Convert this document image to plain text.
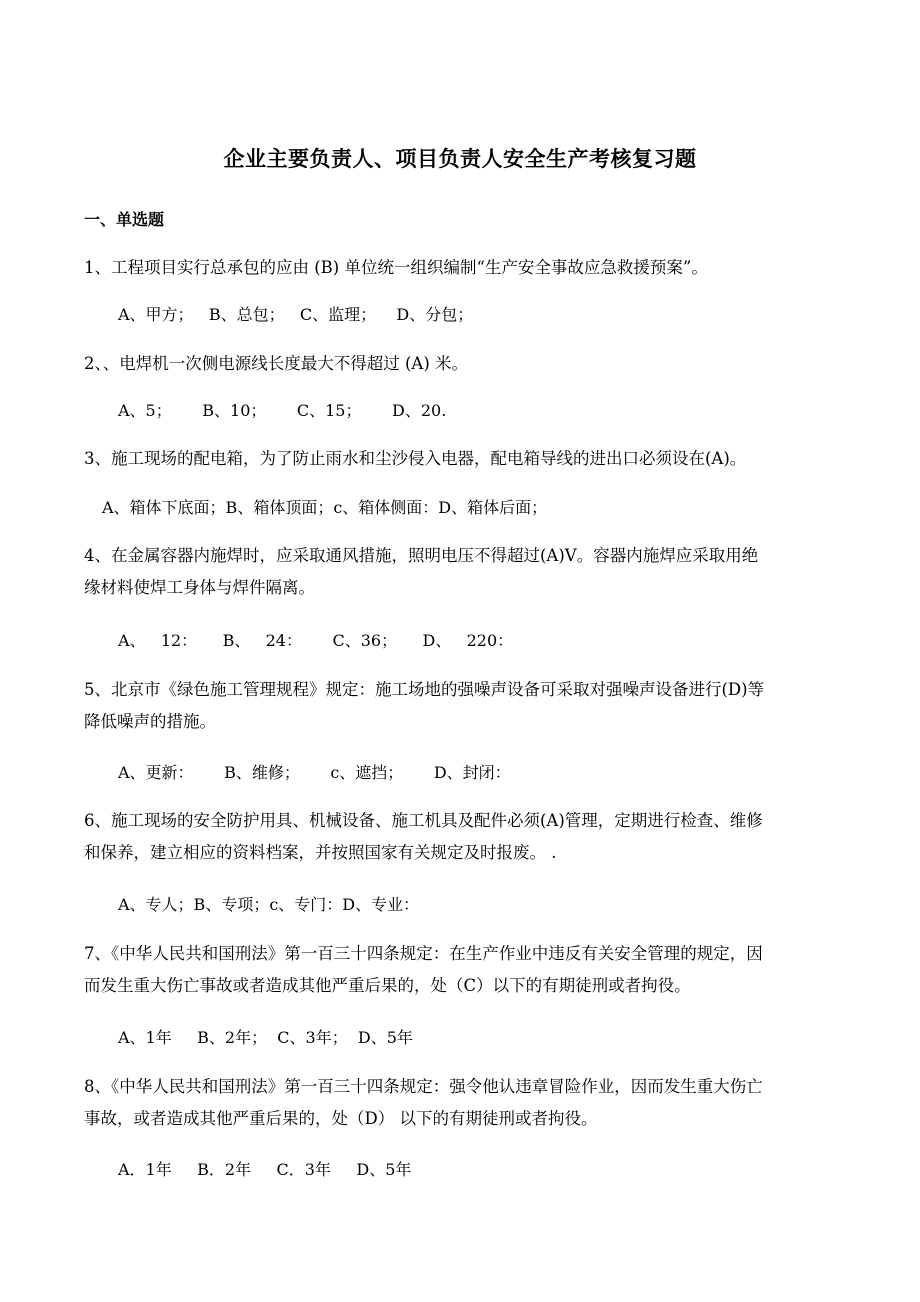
企业主要负责人、项目负责人安全生产考核复习题
一、单选题
1、工程项目实行总承包的应由 (B) 单位统一组织编制“生产安全事故应急救援预案”。
A、甲方；   B、总包；   C、监理；    D、分包；
2、、电焊机一次侧电源线长度最大不得超过 (A) 米。
A、5；      B、10；      C、15；      D、20.
3、施工现场的配电箱，为了防止雨水和尘沙侵入电器，配电箱导线的进出口必须设在(A)。
A、箱体下底面；B、箱体顶面；c、箱体侧面：D、箱体后面；
4、在金属容器内施焊时，应采取通风措施，照明电压不得超过(A)V。容器内施焊应采取用绝
缘材料使焊工身体与焊件隔离。
A、   12：     B、   24：      C、36；     D、   220：
5、北京市《绿色施工管理规程》规定：施工场地的强噪声设备可采取对强噪声设备进行(D)等
降低噪声的措施。
A、更新：      B、维修；      c、遮挡；      D、封闭：
6、施工现场的安全防护用具、机械设备、施工机具及配件必须(A)管理，定期进行检查、维修
和保养，建立相应的资料档案，并按照国家有关规定及时报废。 .
A、专人；B、专项；c、专门：D、专业：
7、《中华人民共和国刑法》第一百三十四条规定：在生产作业中违反有关安全管理的规定，因
而发生重大伤亡事故或者造成其他严重后果的，处（C）以下的有期徒刑或者拘役。
A、1年     B、2年；  C、3年；  D、5年
8、《中华人民共和国刑法》第一百三十四条规定：强令他认违章冒险作业，因而发生重大伤亡
事故，或者造成其他严重后果的，处（D） 以下的有期徒刑或者拘役。
A．1年     B．2年     C．3年     D、5年
